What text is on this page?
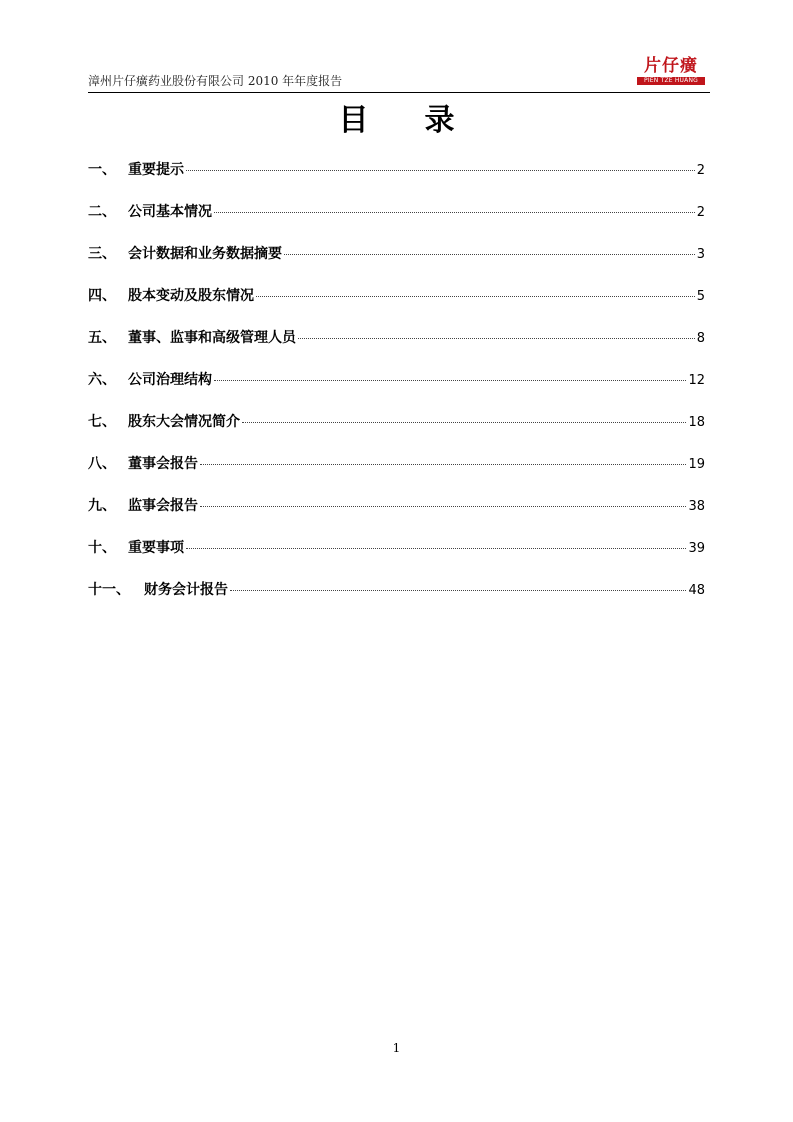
漳州片仔癀药业股份有限公司 2010 年年度报告
片仔癀
PIEN TZE HUANG
目录
一、 重要提示	2
二、 公司基本情况	2
三、 会计数据和业务数据摘要	3
四、 股本变动及股东情况	5
五、 董事、监事和高级管理人员	8
六、 公司治理结构	12
七、 股东大会情况简介	18
八、 董事会报告	19
九、 监事会报告	38
十、 重要事项	39
十一、	财务会计报告	48
1
